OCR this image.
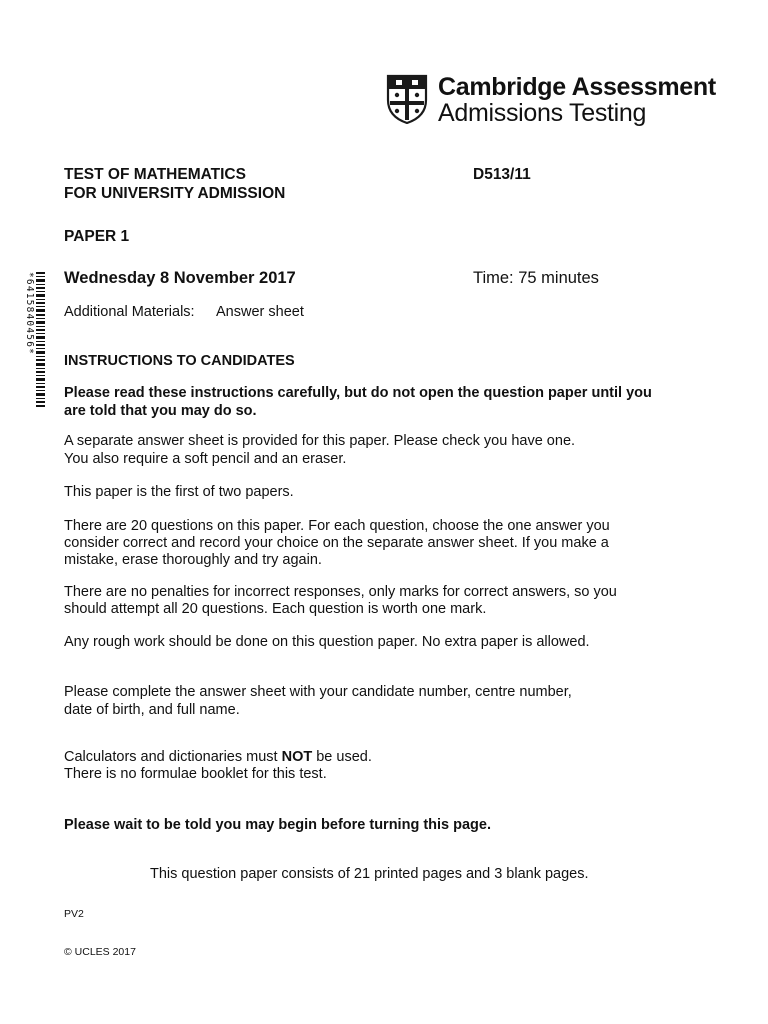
Cambridge Assessment
Admissions Testing
TEST OF MATHEMATICS
FOR UNIVERSITY ADMISSION
D513/11
PAPER 1
Wednesday 8 November 2017	Time: 75 minutes
Additional Materials: Answer sheet
*6415840456*
INSTRUCTIONS TO CANDIDATES
Please read these instructions carefully, but do not open the question paper until you
are told that you may do so.
A separate answer sheet is provided for this paper. Please check you have one.
You also require a soft pencil and an eraser.
This paper is the first of two papers.
There are 20 questions on this paper. For each question, choose the one answer you
consider correct and record your choice on the separate answer sheet. If you make a
mistake, erase thoroughly and try again.
There are no penalties for incorrect responses, only marks for correct answers, so you
should attempt all 20 questions. Each question is worth one mark.
Any rough work should be done on this question paper. No extra paper is allowed.
Please complete the answer sheet with your candidate number, centre number,
date of birth, and full name.
Calculators and dictionaries must NOT be used.
There is no formulae booklet for this test.
Please wait to be told you may begin before turning this page.
This question paper consists of 21 printed pages and 3 blank pages.
PV2
© UCLES 2017
